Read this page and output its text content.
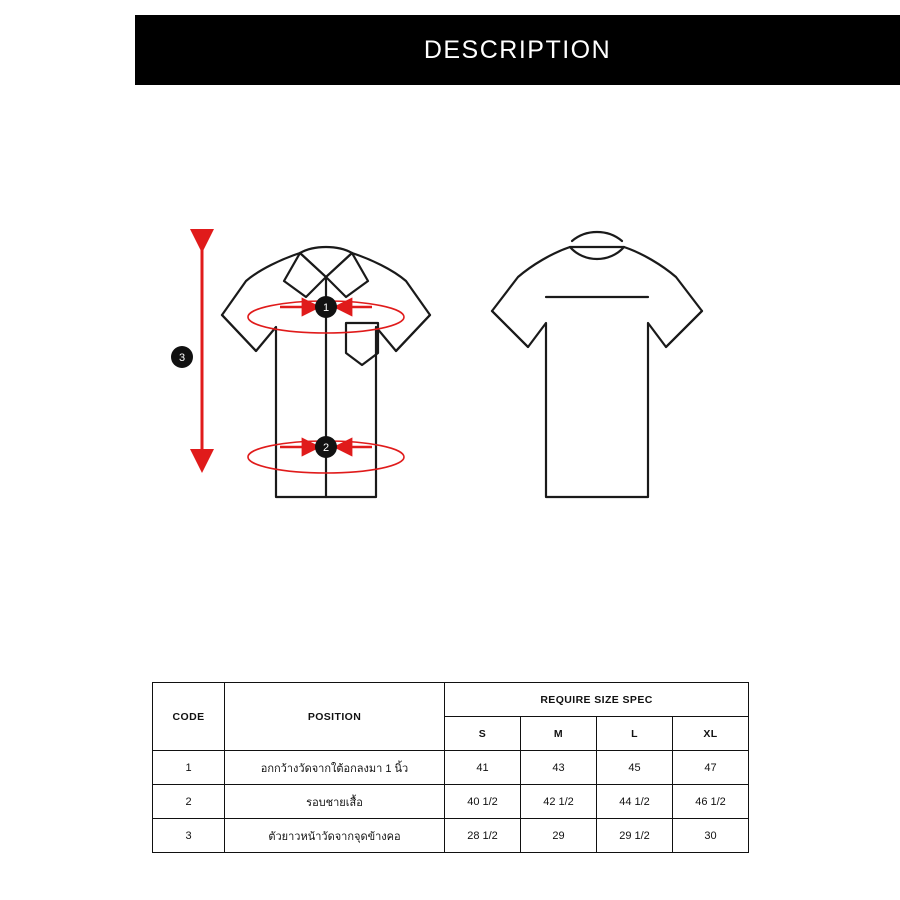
DESCRIPTION
3
1
2
CODE	POSITION	REQUIRE SIZE SPEC			
		S	M	L	XL
1	อกกว้างวัดจากใต้อกลงมา 1 นิ้ว	41	43	45	47
2	รอบชายเสื้อ	40 1/2	42 1/2	44 1/2	46 1/2
3	ตัวยาวหน้าวัดจากจุดข้างคอ	28 1/2	29	29 1/2	30
